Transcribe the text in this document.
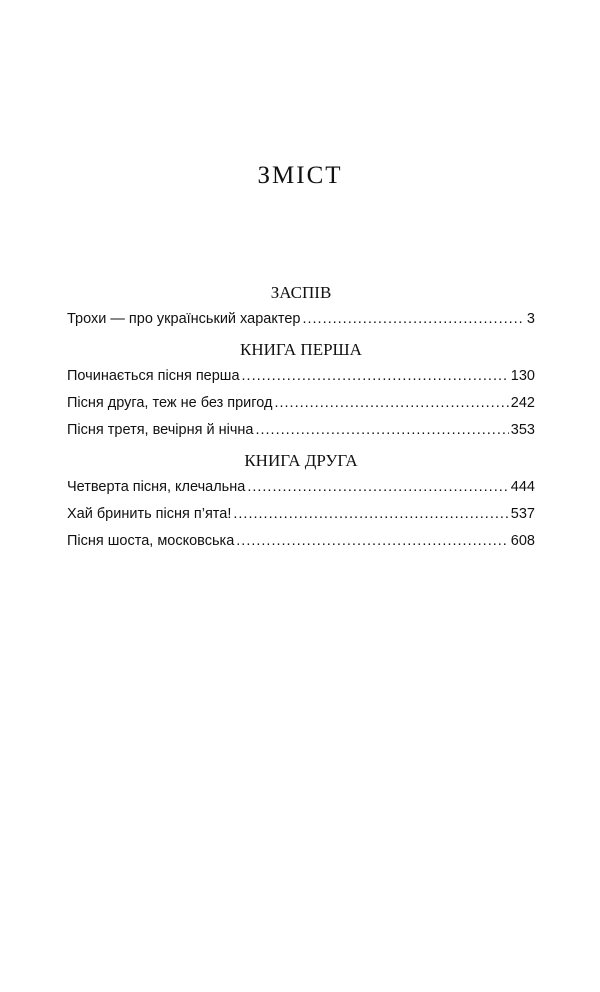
ЗМІСТ
ЗАСПІВ
Трохи — про український характер .....	3
КНИГА ПЕРША
Починається пісня перша .....	130
Пісня друга, теж не без пригод .....	242
Пісня третя, вечірня й нічна .....	353
КНИГА ДРУГА
Четверта пісня, клечальна .....	444
Хай бринить пісня п’ята! .....	537
Пісня шоста, московська .....	608
